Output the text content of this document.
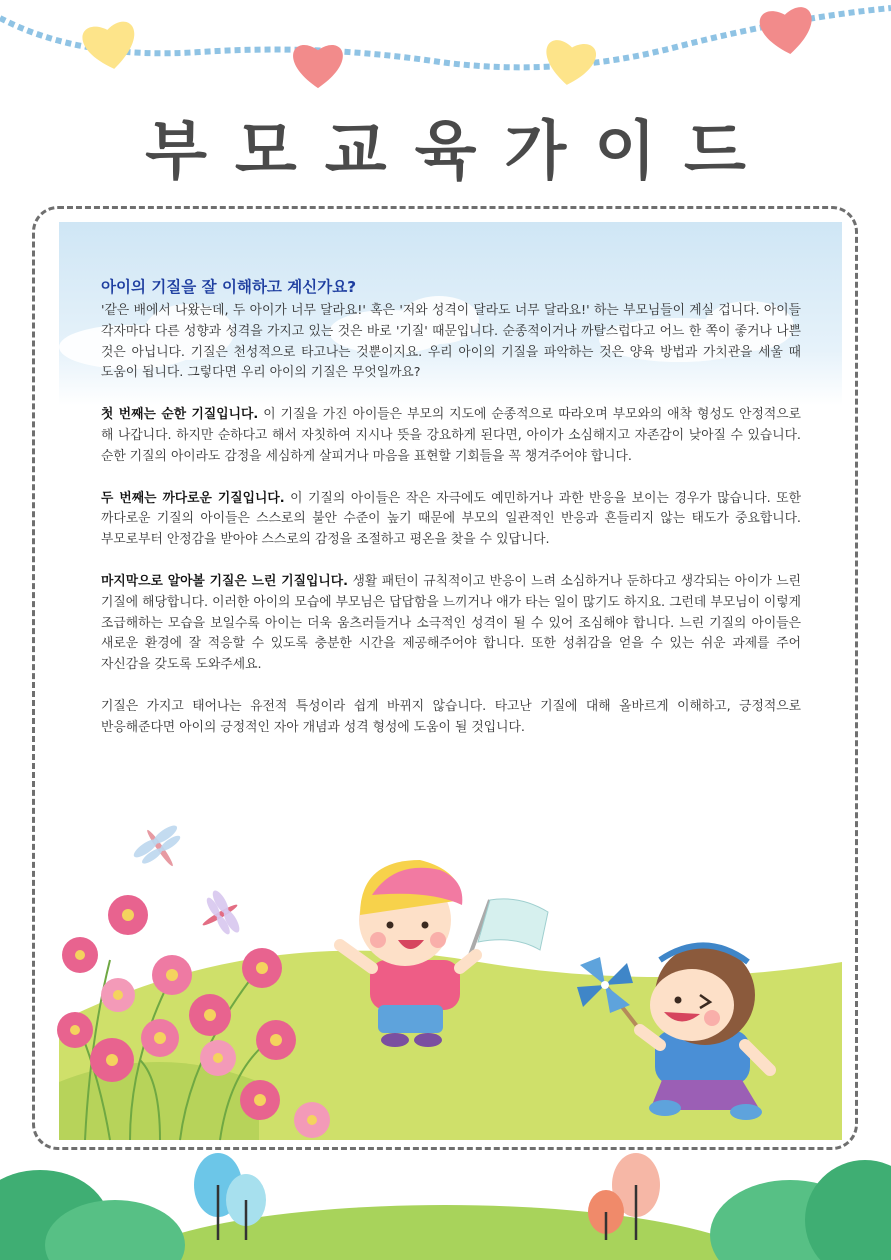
부모교육가이드
아이의 기질을 잘 이해하고 계신가요?

'같은 배에서 나왔는데, 두 아이가 너무 달라요!' 혹은 '저와 성격이 달라도 너무 달라요!' 하는 부모님들이 계실 겁니다. 아이들 각자마다 다른 성향과 성격을 가지고 있는 것은 바로 '기질' 때문입니다. 순종적이거나 까탈스럽다고 어느 한 쪽이 좋거나 나쁜 것은 아닙니다. 기질은 천성적으로 타고나는 것뿐이지요. 우리 아이의 기질을 파악하는 것은 양육 방법과 가치관을 세울 때 도움이 됩니다. 그렇다면 우리 아이의 기질은 무엇일까요?

첫 번째는 순한 기질입니다. 이 기질을 가진 아이들은 부모의 지도에 순종적으로 따라오며 부모와의 애착 형성도 안정적으로 해 나갑니다. 하지만 순하다고 해서 자칫하여 지시나 뜻을 강요하게 된다면, 아이가 소심해지고 자존감이 낮아질 수 있습니다. 순한 기질의 아이라도 감정을 세심하게 살피거나 마음을 표현할 기회들을 꼭 챙겨주어야 합니다.

두 번째는 까다로운 기질입니다. 이 기질의 아이들은 작은 자극에도 예민하거나 과한 반응을 보이는 경우가 많습니다. 또한 까다로운 기질의 아이들은 스스로의 불안 수준이 높기 때문에 부모의 일관적인 반응과 흔들리지 않는 태도가 중요합니다. 부모로부터 안정감을 받아야 스스로의 감정을 조절하고 평온을 찾을 수 있답니다.

마지막으로 알아볼 기질은 느린 기질입니다. 생활 패턴이 규칙적이고 반응이 느려 소심하거나 둔하다고 생각되는 아이가 느린 기질에 해당합니다. 이러한 아이의 모습에 부모님은 답답함을 느끼거나 애가 타는 일이 많기도 하지요. 그런데 부모님이 이렇게 조급해하는 모습을 보일수록 아이는 더욱 움츠러들거나 소극적인 성격이 될 수 있어 조심해야 합니다. 느린 기질의 아이들은 새로운 환경에 잘 적응할 수 있도록 충분한 시간을 제공해주어야 합니다. 또한 성취감을 얻을 수 있는 쉬운 과제를 주어 자신감을 갖도록 도와주세요.

기질은 가지고 태어나는 유전적 특성이라 쉽게 바뀌지 않습니다. 타고난 기질에 대해 올바르게 이해하고, 긍정적으로 반응해준다면 아이의 긍정적인 자아 개념과 성격 형성에 도움이 될 것입니다.
